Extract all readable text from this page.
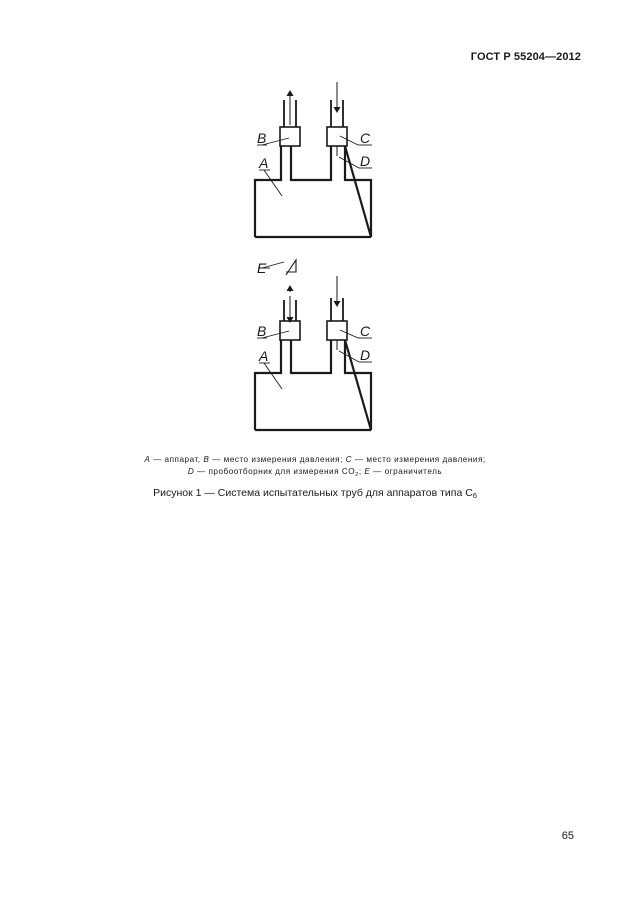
ГОСТ Р 55204—2012
B
A
C
D
E
B
A
C
D
A — аппарат, B — место измерения давления; C — место измерения давления;
D — пробоотборник для измерения $CO_2$; E — ограничитель
Рисунок 1 — Система испытательных труб для аппаратов типа $C_6$
65
